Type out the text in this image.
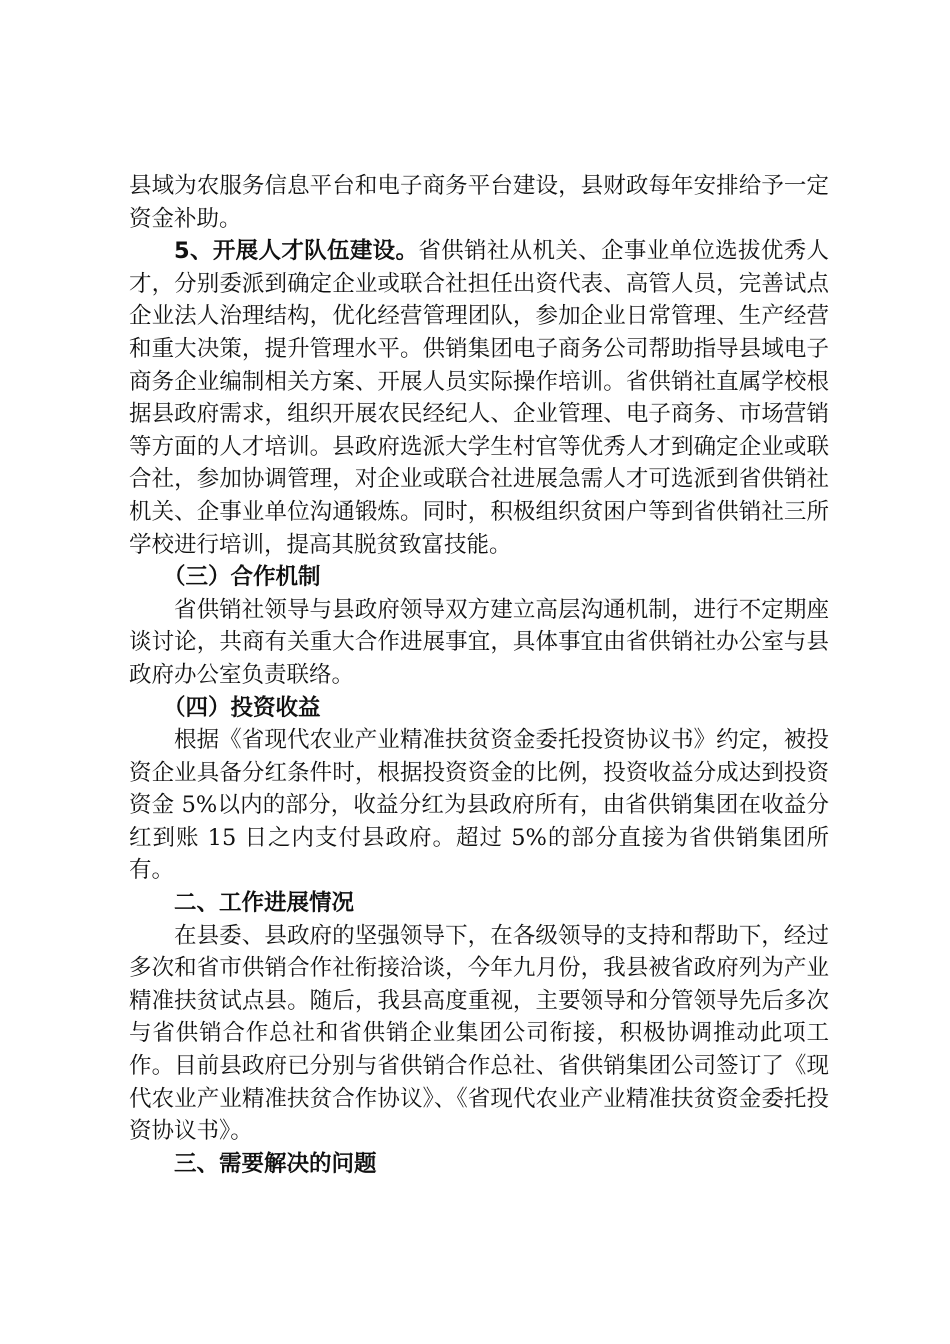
县域为农服务信息平台和电子商务平台建设，县财政每年安排给予一定资金补助。

5、开展人才队伍建设。省供销社从机关、企事业单位选拔优秀人才，分别委派到确定企业或联合社担任出资代表、高管人员，完善试点企业法人治理结构，优化经营管理团队，参加企业日常管理、生产经营和重大决策，提升管理水平。供销集团电子商务公司帮助指导县域电子商务企业编制相关方案、开展人员实际操作培训。省供销社直属学校根据县政府需求，组织开展农民经纪人、企业管理、电子商务、市场营销等方面的人才培训。县政府选派大学生村官等优秀人才到确定企业或联合社，参加协调管理，对企业或联合社进展急需人才可选派到省供销社机关、企事业单位沟通锻炼。同时，积极组织贫困户等到省供销社三所学校进行培训，提高其脱贫致富技能。

（三）合作机制

省供销社领导与县政府领导双方建立高层沟通机制，进行不定期座谈讨论，共商有关重大合作进展事宜，具体事宜由省供销社办公室与县政府办公室负责联络。

（四）投资收益

根据《省现代农业产业精准扶贫资金委托投资协议书》约定，被投资企业具备分红条件时，根据投资资金的比例，投资收益分成达到投资资金 5%以内的部分，收益分红为县政府所有，由省供销集团在收益分红到账 15 日之内支付县政府。超过 5%的部分直接为省供销集团所有。

二、工作进展情况

在县委、县政府的坚强领导下，在各级领导的支持和帮助下，经过多次和省市供销合作社衔接洽谈，今年九月份，我县被省政府列为产业精准扶贫试点县。随后，我县高度重视，主要领导和分管领导先后多次与省供销合作总社和省供销企业集团公司衔接，积极协调推动此项工作。目前县政府已分别与省供销合作总社、省供销集团公司签订了《现代农业产业精准扶贫合作协议》、《省现代农业产业精准扶贫资金委托投资协议书》。

三、需要解决的问题
